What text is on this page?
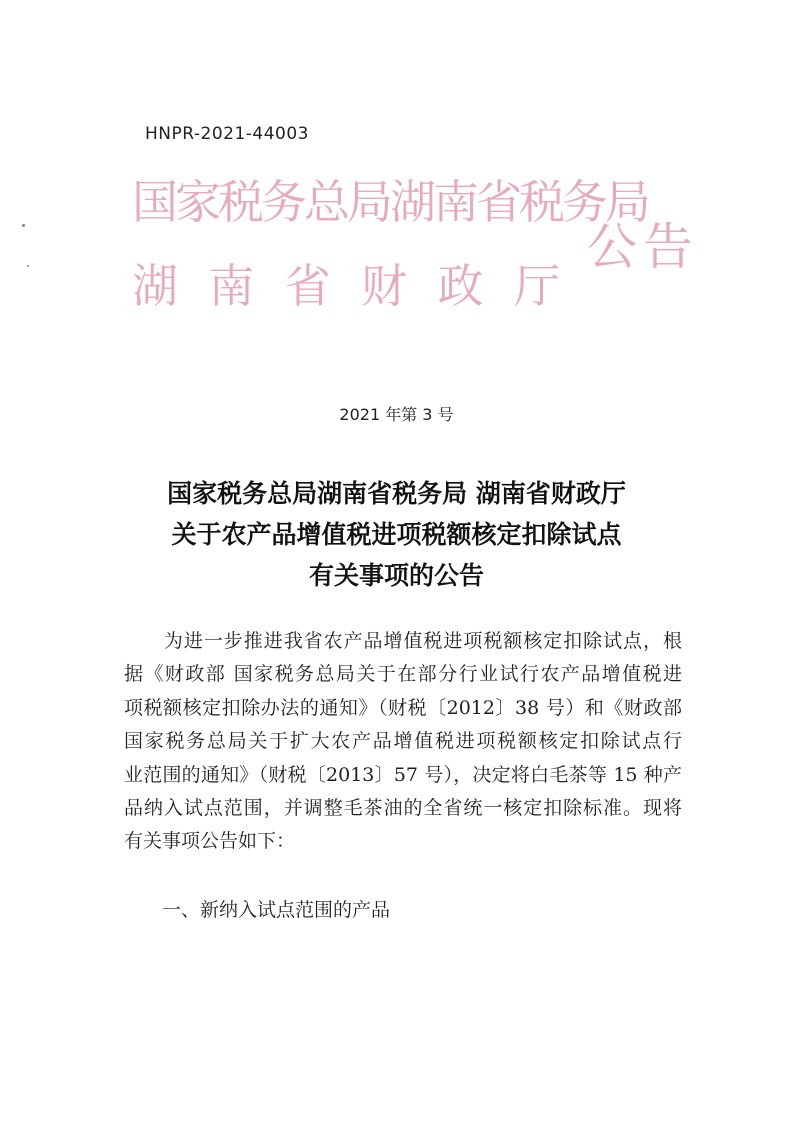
HNPR-2021-44003
国家税务总局湖南省税务局
湖 南 省 财 政 厅
公告
2021 年第 3 号
国家税务总局湖南省税务局 湖南省财政厅
关于农产品增值税进项税额核定扣除试点
有关事项的公告
　　为进一步推进我省农产品增值税进项税额核定扣除试点，根
据《财政部 国家税务总局关于在部分行业试行农产品增值税进
项税额核定扣除办法的通知》（财税〔2012〕38 号）和《财政部
国家税务总局关于扩大农产品增值税进项税额核定扣除试点行
业范围的通知》（财税〔2013〕57 号），决定将白毛茶等 15 种产
品纳入试点范围，并调整毛茶油的全省统一核定扣除标准。现将
有关事项公告如下：
一、新纳入试点范围的产品
